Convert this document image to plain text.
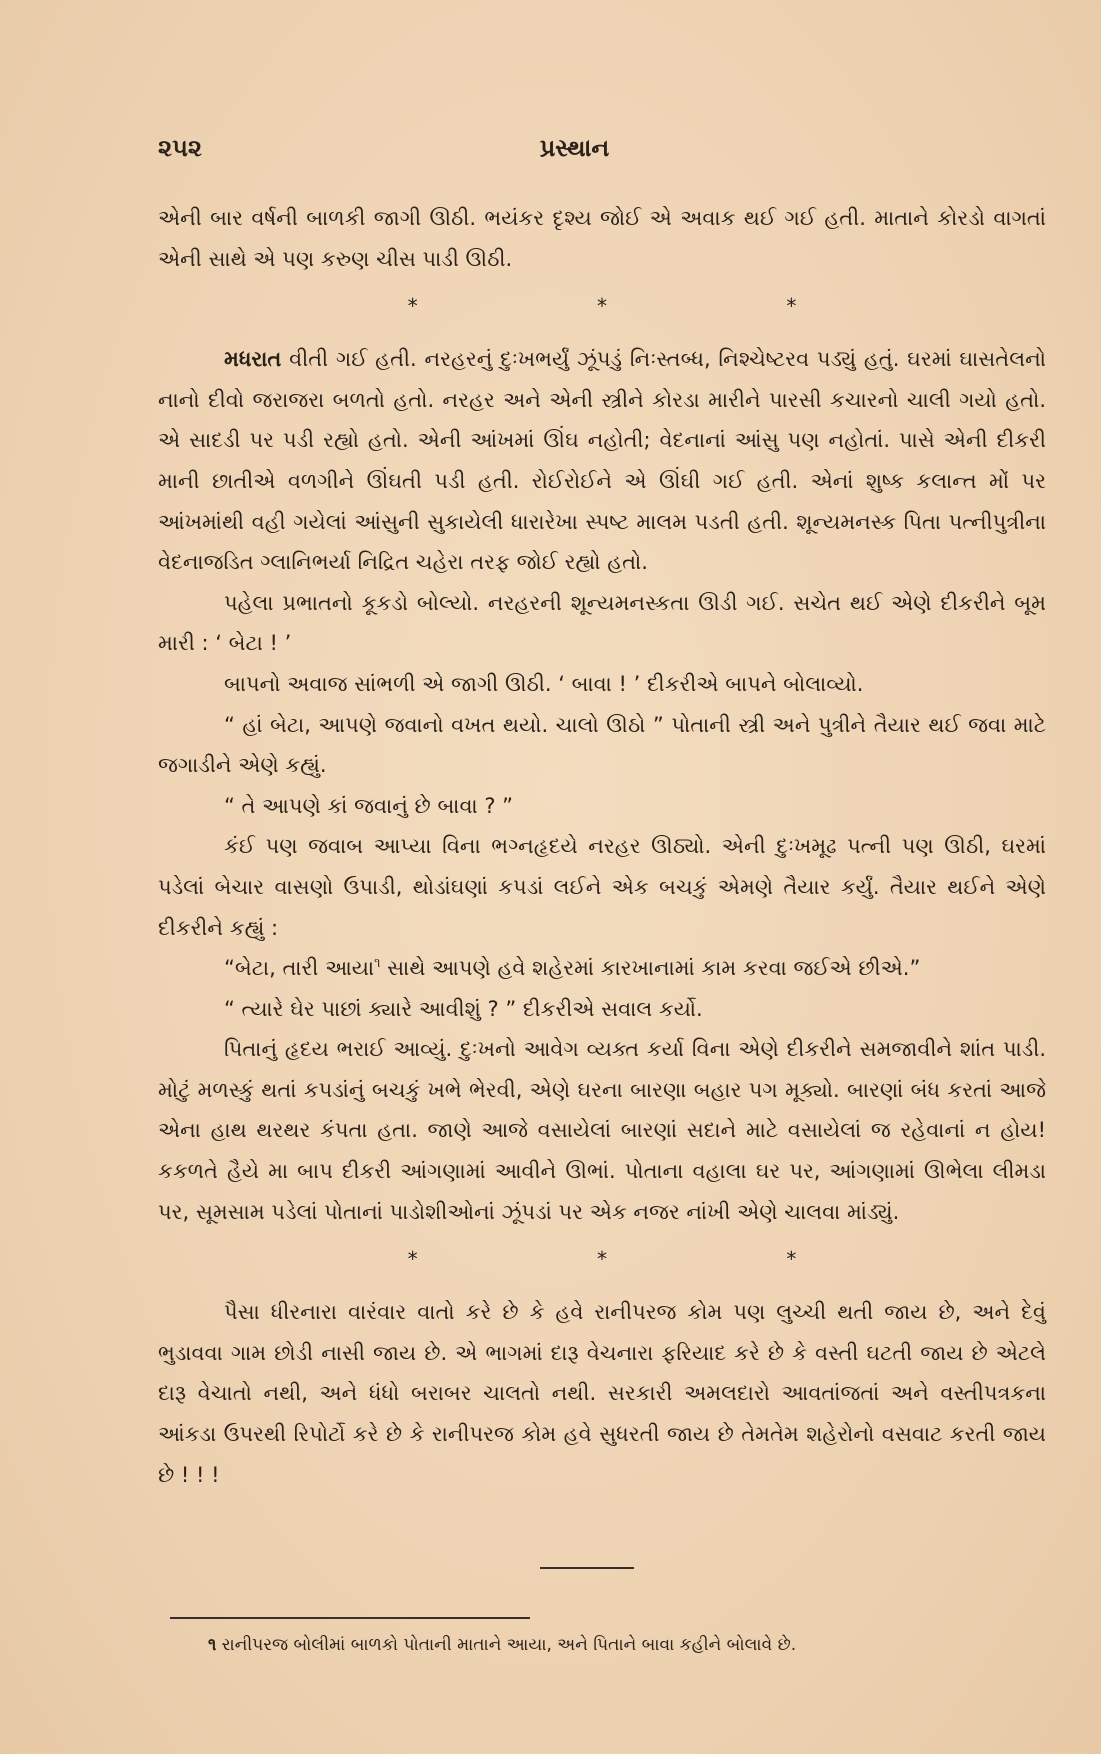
૨૫૨	પ્રસ્થાન

એની બાર વર્ષની બાળકી જાગી ઊઠી. ભયંકર દૃશ્ય જોઈ એ અવાક થઈ ગઈ હતી. માતાને કોરડો વાગતાં એની સાથે એ પણ કરુણ ચીસ પાડી ઊઠી.

*	*	*

મધરાત વીતી ગઈ હતી. નરહરનું દુઃખભર્યું ઝૂંપડું નિઃસ્તબ્ધ, નિશ્ચેષ્ટરવ પડ્યું હતું. ઘરમાં ઘાસતેલનો નાનો દીવો જરાજરા બળતો હતો. નરહર અને એની સ્ત્રીને કોરડા મારીને પારસી કચારનો ચાલી ગયો હતો. એ સાદડી પર પડી રહ્યો હતો. એની આંખમાં ઊંઘ નહોતી; વેદનાનાં આંસુ પણ નહોતાં. પાસે એની દીકરી માની છાતીએ વળગીને ઊંઘતી પડી હતી. રોઈરોઈને એ ઊંઘી ગઈ હતી. એનાં શુષ્ક કલાન્ત મોં પર આંખમાંથી વહી ગયેલાં આંસુની સુકાયેલી ધારારેખા સ્પષ્ટ માલમ પડતી હતી. શૂન્યમનસ્ક પિતા પત્નીપુત્રીના વેદનાજડિત ગ્લાનિભર્યા નિદ્રિત ચહેરા તરફ જોઈ રહ્યો હતો.

પહેલા પ્રભાતનો કૂકડો બોલ્યો. નરહરની શૂન્યમનસ્કતા ઊડી ગઈ. સચેત થઈ એણે દીકરીને બૂમ મારી : ‘ બેટા ! ’

બાપનો અવાજ સાંભળી એ જાગી ઊઠી. ‘ બાવા ! ’ દીકરીએ બાપને બોલાવ્યો.

“ હાં બેટા, આપણે જવાનો વખત થયો. ચાલો ઊઠો ” પોતાની સ્ત્રી અને પુત્રીને તૈયાર થઈ જવા માટે જગાડીને એણે કહ્યું.

“ તે આપણે કાં જવાનું છે બાવા ? ”

કંઈ પણ જવાબ આપ્યા વિના ભગ્નહૃદયે નરહર ઊઠ્યો. એની દુઃખમૂઢ પત્ની પણ ઊઠી, ઘરમાં પડેલાં બેચાર વાસણો ઉપાડી, થોડાંઘણાં કપડાં લઈને એક બચકું એમણે તૈયાર કર્યું. તૈયાર થઈને એણે દીકરીને કહ્યું :

“બેટા, તારી આયા$^૧$ સાથે આપણે હવે શહેરમાં કારખાનામાં કામ કરવા જઈએ છીએ.”

“ ત્યારે ઘેર પાછાં ક્યારે આવીશું ? ” દીકરીએ સવાલ કર્યો.

પિતાનું હૃદય ભરાઈ આવ્યું. દુઃખનો આવેગ વ્યક્ત કર્યા વિના એણે દીકરીને સમજાવીને શાંત પાડી. મોટું મળસ્કું થતાં કપડાંનું બચકું ખભે ભેરવી, એણે ઘરના બારણા બહાર પગ મૂક્યો. બારણાં બંધ કરતાં આજે એના હાથ થરથર કંપતા હતા. જાણે આજે વસાયેલાં બારણાં સદાને માટે વસાયેલાં જ રહેવાનાં ન હોય! કકળતે હૈયે મા બાપ દીકરી આંગણામાં આવીને ઊભાં. પોતાના વહાલા ઘર પર, આંગણામાં ઊભેલા લીમડા પર, સૂમસામ પડેલાં પોતાનાં પાડોશીઓનાં ઝૂંપડાં પર એક નજર નાંખી એણે ચાલવા માંડ્યું.

*	*	*

પૈસા ધીરનારા વારંવાર વાતો કરે છે કે હવે રાનીપરજ કોમ પણ લુચ્ચી થતી જાય છે, અને દેવું ભુડાવવા ગામ છોડી નાસી જાય છે. એ ભાગમાં દારૂ વેચનારા ફરિયાદ કરે છે કે વસ્તી ઘટતી જાય છે એટલે દારૂ વેચાતો નથી, અને ધંધો બરાબર ચાલતો નથી. સરકારી અમલદારો આવતાંજતાં અને વસ્તીપત્રકના આંકડા ઉપરથી રિપોર્ટો કરે છે કે રાનીપરજ કોમ હવે સુધરતી જાય છે તેમતેમ શહેરોનો વસવાટ કરતી જાય છે ! ! !

૧ રાનીપરજ બોલીમાં બાળકો પોતાની માતાને આયા, અને પિતાને બાવા કહીને બોલાવે છે.
